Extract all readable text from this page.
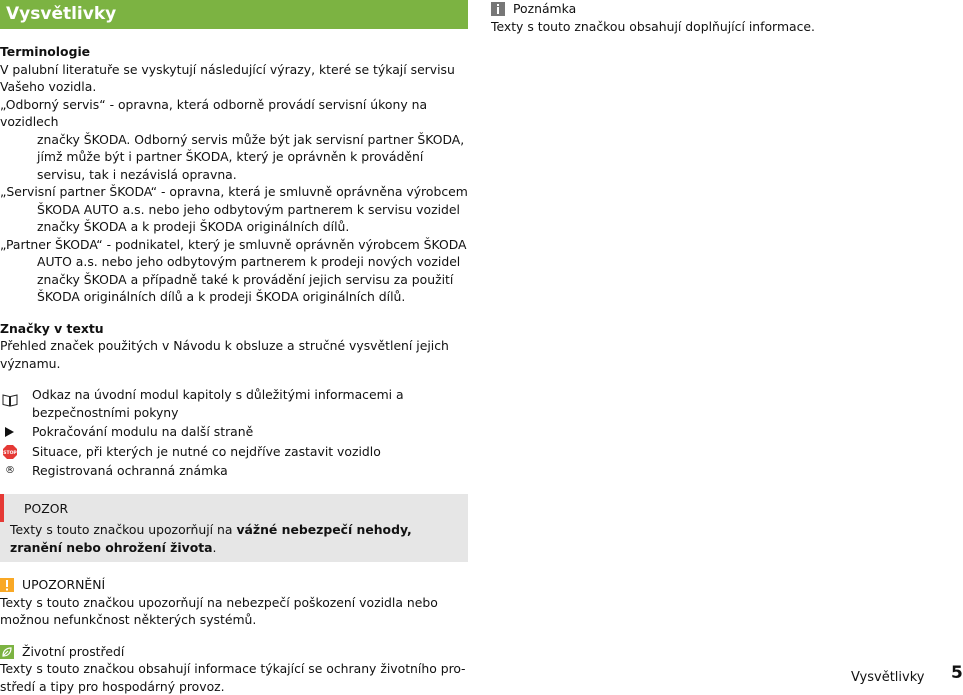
Vysvětlivky
Terminologie

V palubní literatuře se vyskytují následující výrazy, které se týkají servisu Vašeho vozidla.

„Odborný servis“ - opravna, která odborně provádí servisní úkony na vozidlech

značky ŠKODA. Odborný servis může být jak servisní partner ŠKODA, jímž může být i partner ŠKODA, který je oprávněn k provádění servisu, tak i nezávislá opravna.

„Servisní partner ŠKODA“ - opravna, která je smluvně oprávněna výrobcem

ŠKODA AUTO a.s. nebo jeho odbytovým partnerem k servisu vozidel značky ŠKODA a k prodeji ŠKODA originálních dílů.

„Partner ŠKODA“ - podnikatel, který je smluvně oprávněn výrobcem ŠKODA

AUTO a.s. nebo jeho odbytovým partnerem k prodeji nových vozidel značky ŠKODA a případně také k provádění jejich servisu za použití ŠKODA originálních dílů a k prodeji ŠKODA originálních dílů.

Značky v textu

Přehled značek použitých v Návodu k obsluze a stručné vysvětlení jejich významu.

Odkaz na úvodní modul kapitoly s důležitými informacemi a bezpečnostními pokyny
Pokračování modulu na další straně
STOP Situace, při kterých je nutné co nejdříve zastavit vozidlo
® Registrovaná ochranná známka
POZOR

Texty s touto značkou upozorňují na vážné nebezpečí nehody, zranění nebo ohrožení života.

UPOZORNĚNÍ

Texty s touto značkou upozorňují na nebezpečí poškození vozidla nebo možnou nefunkčnost některých systémů.

Životní prostředí

Texty s touto značkou obsahují informace týkající se ochrany životního prostředí a tipy pro hospodárný provoz.

Poznámka

Texty s touto značkou obsahují doplňující informace.

Vysvětlivky 5
